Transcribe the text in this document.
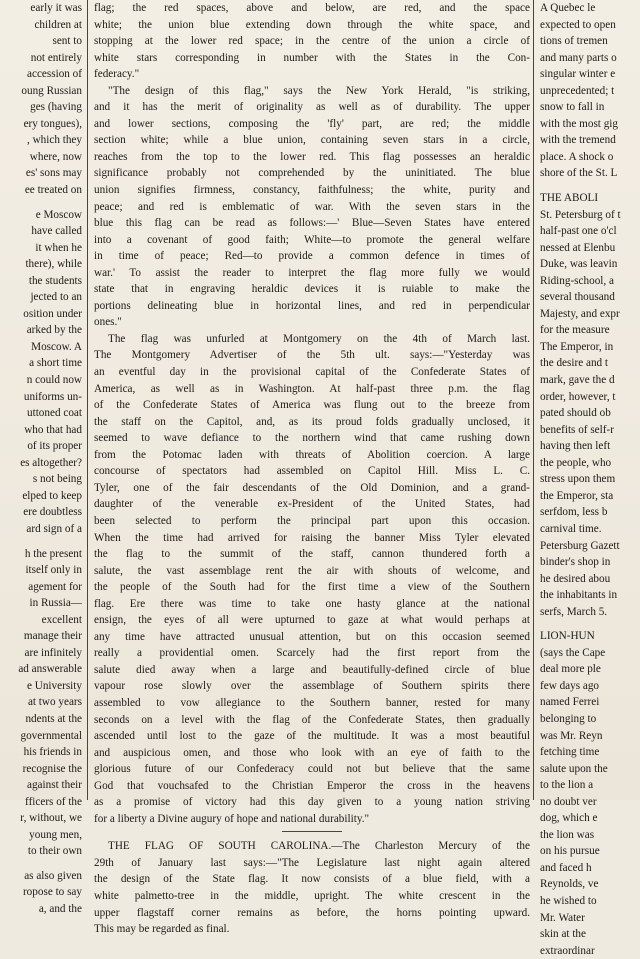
early it was
children at
sent to
not entirely
accession of
oung Russian
ges (having
ery tongues),
, which they
where, now
es' sons may
ee treated on

e Moscow
have called
it when he
there), while
the students
jected to an
osition under
arked by the
Moscow. A
a short time
n could now
uniforms un-
uttoned coat
who that had
of its proper
es altogether?
s not being
elped to keep
ere doubtless
ard sign of a

h the present
itself only in
agement for
in Russia—
excellent
manage their
are infinitely
ad answerable
e University
at two years
ndents at the
governmental
his friends in
recognise the
against their
fficers of the
r, without, we
young men,
to their own

as also given
ropose to say
a, and the
flag; the red spaces, above and below, are red, and the space
white; the union blue extending down through the white space, and
stopping at the lower red space; in the centre of the union a circle of
white stars corresponding in number with the States in the Con-
federacy."
"The design of this flag," says the New York Herald, "is striking,
and it has the merit of originality as well as of durability. The upper
and lower sections, composing the 'fly' part, are red; the middle
section white; while a blue union, containing seven stars in a circle,
reaches from the top to the lower red. This flag possesses an heraldic
significance probably not comprehended by the uninitiated. The blue
union signifies firmness, constancy, faithfulness; the white, purity and
peace; and red is emblematic of war. With the seven stars in the
blue this flag can be read as follows:—' Blue—Seven States have entered
into a covenant of good faith; White—to promote the general welfare
in time of peace; Red—to provide a common defence in times of
war.' To assist the reader to interpret the flag more fully we would
state that in engraving heraldic devices it is ruiable to make the
portions delineating blue in horizontal lines, and red in perpendicular
ones."
The flag was unfurled at Montgomery on the 4th of March last.
The Montgomery Advertiser of the 5th ult. says:—"Yesterday was
an eventful day in the provisional capital of the Confederate States of
America, as well as in Washington. At half-past three p.m. the flag
of the Confederate States of America was flung out to the breeze from
the staff on the Capitol, and, as its proud folds gradually unclosed, it
seemed to wave defiance to the northern wind that came rushing down
from the Potomac laden with threats of Abolition coercion. A large
concourse of spectators had assembled on Capitol Hill. Miss L. C.
Tyler, one of the fair descendants of the Old Dominion, and a grand-
daughter of the venerable ex-President of the United States, had
been selected to perform the principal part upon this occasion.
When the time had arrived for raising the banner Miss Tyler elevated
the flag to the summit of the staff, cannon thundered forth a
salute, the vast assemblage rent the air with shouts of welcome, and
the people of the South had for the first time a view of the Southern
flag. Ere there was time to take one hasty glance at the national
ensign, the eyes of all were upturned to gaze at what would perhaps at
any time have attracted unusual attention, but on this occasion seemed
really a providential omen. Scarcely had the first report from the
salute died away when a large and beautifully-defined circle of blue
vapour rose slowly over the assemblage of Southern spirits there
assembled to vow allegiance to the Southern banner, rested for many
seconds on a level with the flag of the Confederate States, then gradually
ascended until lost to the gaze of the multitude. It was a most beautiful
and auspicious omen, and those who look with an eye of faith to the
glorious future of our Confederacy could not but believe that the same
God that vouchsafed to the Christian Emperor the cross in the heavens
as a promise of victory had this day given to a young nation striving
for a liberty a Divine augury of hope and national durability."
THE FLAG OF SOUTH CAROLINA.—The Charleston Mercury of the
29th of January last says:—"The Legislature last night again altered
the design of the State flag. It now consists of a blue field, with a
white palmetto-tree in the middle, upright. The white crescent in the
upper flagstaff corner remains as before, the horns pointing upward.
This may be regarded as final.
A Quebec le
expected to open
tions of tremen
and many parts o
singular winter e
unprecedented; t
snow to fall in
with the most gig
with the tremend
place. A shock o
shore of the St. L

THE ABOLI
St. Petersburg of t
half-past one o'cl
nessed at Elenbu
Duke, was leavin
Riding-school, a
several thousand
Majesty, and expr
for the measure
The Emperor, in
the desire and t
mark, gave the d
order, however, t
pated should ob
benefits of self-r
having then left
the people, who
stress upon them
the Emperor, sta
serfdom, less b
carnival time.
Petersburg Gazett
binder's shop in
he desired abou
the inhabitants in
serfs, March 5.

LION-HUN
(says the Cape
deal more ple
few days ago
named Ferrei
belonging to
was Mr. Reyn
fetching time
salute upon the
to the lion a
no doubt ver
dog, which e
the lion was
on his pursue
and faced h
Reynolds, ve
he wished to
Mr. Water
skin at the
extraordinar
